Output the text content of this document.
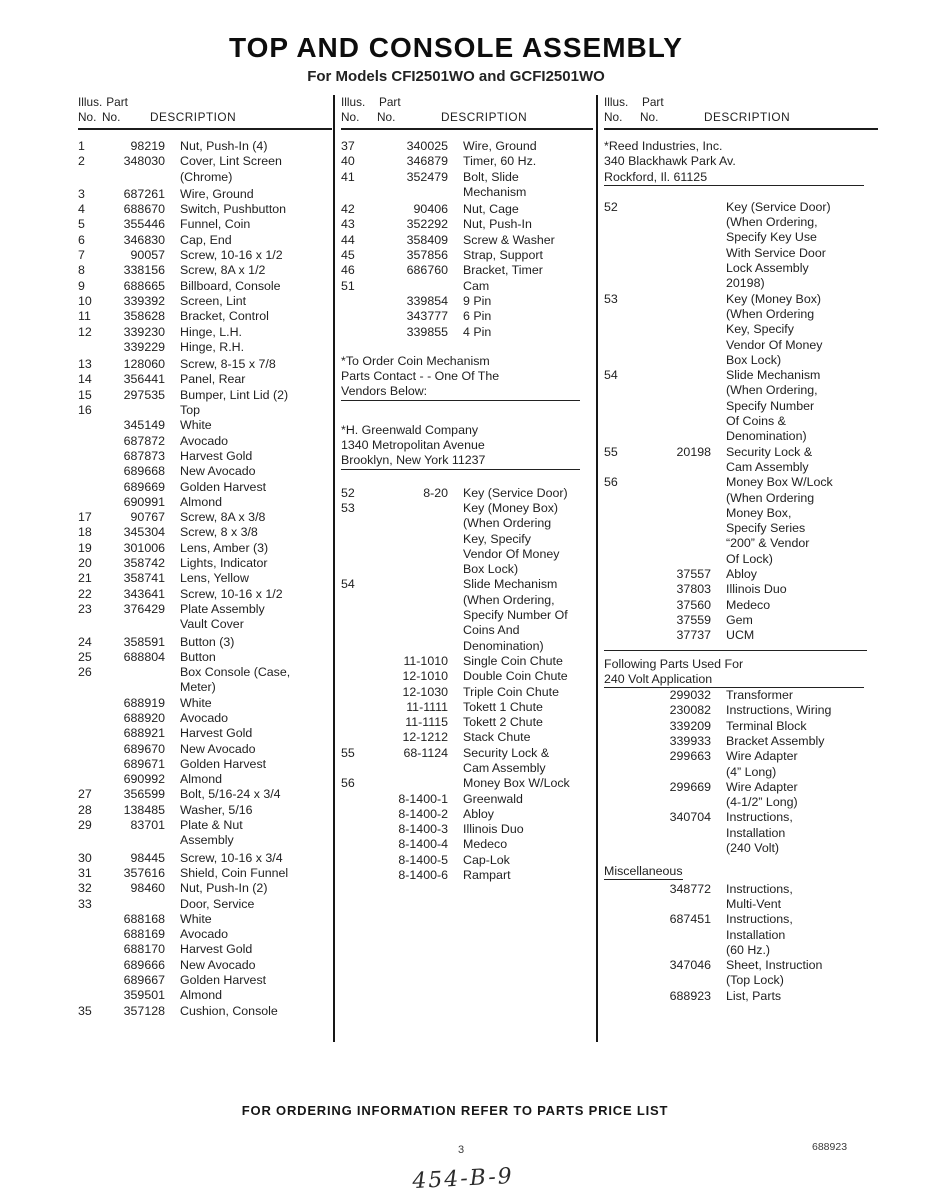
TOP AND CONSOLE ASSEMBLY
For Models CFI2501WO and GCFI2501WO
Illus. Part
No. No.	DESCRIPTION
1	98219	Nut, Push-In (4)
2	348030	Cover, Lint Screen
(Chrome)
3	687261	Wire, Ground
4	688670	Switch, Pushbutton
5	355446	Funnel, Coin
6	346830	Cap, End
7	90057	Screw, 10-16 x 1/2
8	338156	Screw, 8A x 1/2
9	688665	Billboard, Console
10	339392	Screen, Lint
11	358628	Bracket, Control
12	339230	Hinge, L.H.
339229	Hinge, R.H.
13	128060	Screw, 8-15 x 7/8
14	356441	Panel, Rear
15	297535	Bumper, Lint Lid (2)
16	Top
345149	White
687872	Avocado
687873	Harvest Gold
689668	New Avocado
689669	Golden Harvest
690991	Almond
17	90767	Screw, 8A x 3/8
18	345304	Screw, 8 x 3/8
19	301006	Lens, Amber (3)
20	358742	Lights, Indicator
21	358741	Lens, Yellow
22	343641	Screw, 10-16 x 1/2
23	376429	Plate Assembly
Vault Cover
24	358591	Button (3)
25	688804	Button
26	Box Console (Case,
Meter)
688919	White
688920	Avocado
688921	Harvest Gold
689670	New Avocado
689671	Golden Harvest
690992	Almond
27	356599	Bolt, 5/16-24 x 3/4
28	138485	Washer, 5/16
29	83701	Plate & Nut
Assembly
30	98445	Screw, 10-16 x 3/4
31	357616	Shield, Coin Funnel
32	98460	Nut, Push-In (2)
33	Door, Service
688168	White
688169	Avocado
688170	Harvest Gold
689666	New Avocado
689667	Golden Harvest
359501	Almond
35	357128	Cushion, Console
Illus. Part
No. No.	DESCRIPTION
37	340025	Wire, Ground
40	346879	Timer, 60 Hz.
41	352479	Bolt, Slide
Mechanism
42	90406	Nut, Cage
43	352292	Nut, Push-In
44	358409	Screw & Washer
45	357856	Strap, Support
46	686760	Bracket, Timer
51	Cam
339854	9 Pin
343777	6 Pin
339855	4 Pin
*To Order Coin Mechanism
Parts Contact - - One Of The
Vendors Below:
*H. Greenwald Company
1340 Metropolitan Avenue
Brooklyn, New York 11237
52	8-20	Key (Service Door)
53	Key (Money Box)
(When Ordering
Key, Specify
Vendor Of Money
Box Lock)
54	Slide Mechanism
(When Ordering,
Specify Number Of
Coins And
Denomination)
11-1010	Single Coin Chute
12-1010	Double Coin Chute
12-1030	Triple Coin Chute
11-1111	Tokett 1 Chute
11-1115	Tokett 2 Chute
12-1212	Stack Chute
55	68-1124	Security Lock &
Cam Assembly
56	Money Box W/Lock
8-1400-1	Greenwald
8-1400-2	Abloy
8-1400-3	Illinois Duo
8-1400-4	Medeco
8-1400-5	Cap-Lok
8-1400-6	Rampart
Illus. Part
No. No.	DESCRIPTION
*Reed Industries, Inc.
340 Blackhawk Park Av.
Rockford, Il. 61125
52	Key (Service Door)
(When Ordering,
Specify Key Use
With Service Door
Lock Assembly
20198)
53	Key (Money Box)
(When Ordering
Key, Specify
Vendor Of Money
Box Lock)
54	Slide Mechanism
(When Ordering,
Specify Number
Of Coins &
Denomination)
55	20198	Security Lock &
Cam Assembly
56	Money Box W/Lock
(When Ordering
Money Box,
Specify Series
“200” & Vendor
Of Lock)
37557	Abloy
37803	Illinois Duo
37560	Medeco
37559	Gem
37737	UCM
Following Parts Used For
240 Volt Application
299032	Transformer
230082	Instructions, Wiring
339209	Terminal Block
339933	Bracket Assembly
299663	Wire Adapter
(4” Long)
299669	Wire Adapter
(4-1/2” Long)
340704	Instructions,
Installation
(240 Volt)
Miscellaneous
348772	Instructions,
Multi-Vent
687451	Instructions,
Installation
(60 Hz.)
347046	Sheet, Instruction
(Top Lock)
688923	List, Parts
FOR ORDERING INFORMATION REFER TO PARTS PRICE LIST
3	688923
454-B-9
